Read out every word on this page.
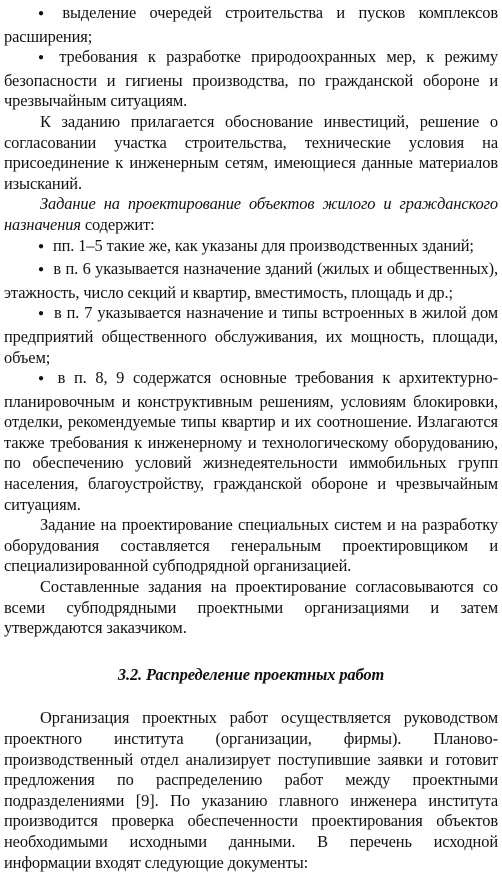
● выделение очередей строительства и пусков комплексов расширения;

● требования к разработке природоохранных мер, к режиму безопасности и гигиены производства, по гражданской обороне и чрезвычайным ситуациям.

К заданию прилагается обоснование инвестиций, решение о согласовании участка строительства, технические условия на присоединение к инженерным сетям, имеющиеся данные материалов изысканий.

Задание на проектирование объектов жилого и гражданского назначения содержит:

● пп. 1–5 такие же, как указаны для производственных зданий;

● в п. 6 указывается назначение зданий (жилых и общественных), этажность, число секций и квартир, вместимость, площадь и др.;

● в п. 7 указывается назначение и типы встроенных в жилой дом предприятий общественного обслуживания, их мощность, площади, объем;

● в п. 8, 9 содержатся основные требования к архитектурно-планировочным и конструктивным решениям, условиям блокировки, отделки, рекомендуемые типы квартир и их соотношение. Излагаются также требования к инженерному и технологическому оборудованию, по обеспечению условий жизнедеятельности иммобильных групп населения, благоустройству, гражданской обороне и чрезвычайным ситуациям.

Задание на проектирование специальных систем и на разработку оборудования составляется генеральным проектировщиком и специализированной субподрядной организацией.

Составленные задания на проектирование согласовываются со всеми субподрядными проектными организациями и затем утверждаются заказчиком.

3.2. Распределение проектных работ

Организация проектных работ осуществляется руководством проектного института (организации, фирмы). Планово-производственный отдел анализирует поступившие заявки и готовит предложения по распределению работ между проектными подразделениями [9]. По указанию главного инженера института производится проверка обеспеченности проектирования объектов необходимыми исходными данными. В перечень исходной информации входят следующие документы:
